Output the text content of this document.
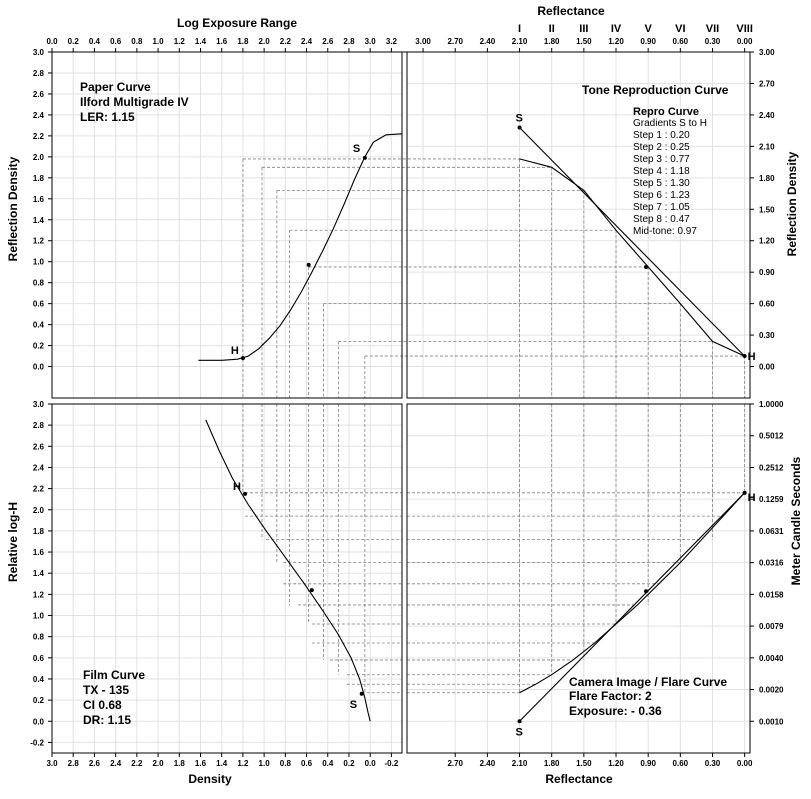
0.0 0.2 0.4 0.6 0.8 1.0 1.2 1.4 1.6 1.8 2.0 2.2 2.4 2.6 2.8 3.0 3.2 3.00 2.70 2.40 2.10 1.80 1.50 1.20 0.90 0.60 0.30 0.00
3.0 2.8 2.6 2.4 2.2 2.0 1.8 1.6 1.4 1.2 1.0 0.8 0.6 0.4 0.2 0.0 -0.2	2.70 2.40 2.10 1.80 1.50 1.20 0.90 0.60 0.30 0.00
0.0
0.2
0.4
0.6
0.8
1.0
1.2
1.4
1.6
1.8
2.0
2.2
2.4
2.6
2.8
3.0
0.00
0.30
0.60
0.90
1.20
1.50
1.80
2.10
2.40
2.70
3.00
-0.2
0.0
0.2
0.4
0.6
0.8
1.0
1.2
1.4
1.6
1.8
2.0
2.2
2.4
2.6
2.8
3.0
0.0010
0.0020
0.0040
0.0079
0.0158
0.0316
0.0631
0.1259
0.2512
0.5012
1.0000
I	II III IV V VI VII VIII
H
S
S
H
H
S
S
H
Log Exposure Range
Reflectance
Density	Reflectance
Reflection Density
Relative log-H
Reflection Density
Meter Candle Seconds
Paper Curve
Ilford Multigrade IV
LER: 1.15
Tone Reproduction Curve
Repro Curve
Gradients S to H
Step 1 : 0.20
Step 2 : 0.25
Step 3 : 0.77
Step 4 : 1.18
Step 5 : 1.30
Step 6 : 1.23
Step 7 : 1.05
Step 8 : 0.47
Mid-tone: 0.97
Film Curve
TX - 135
CI 0.68
DR: 1.15
Camera Image / Flare Curve
Flare Factor: 2
Exposure: - 0.36
